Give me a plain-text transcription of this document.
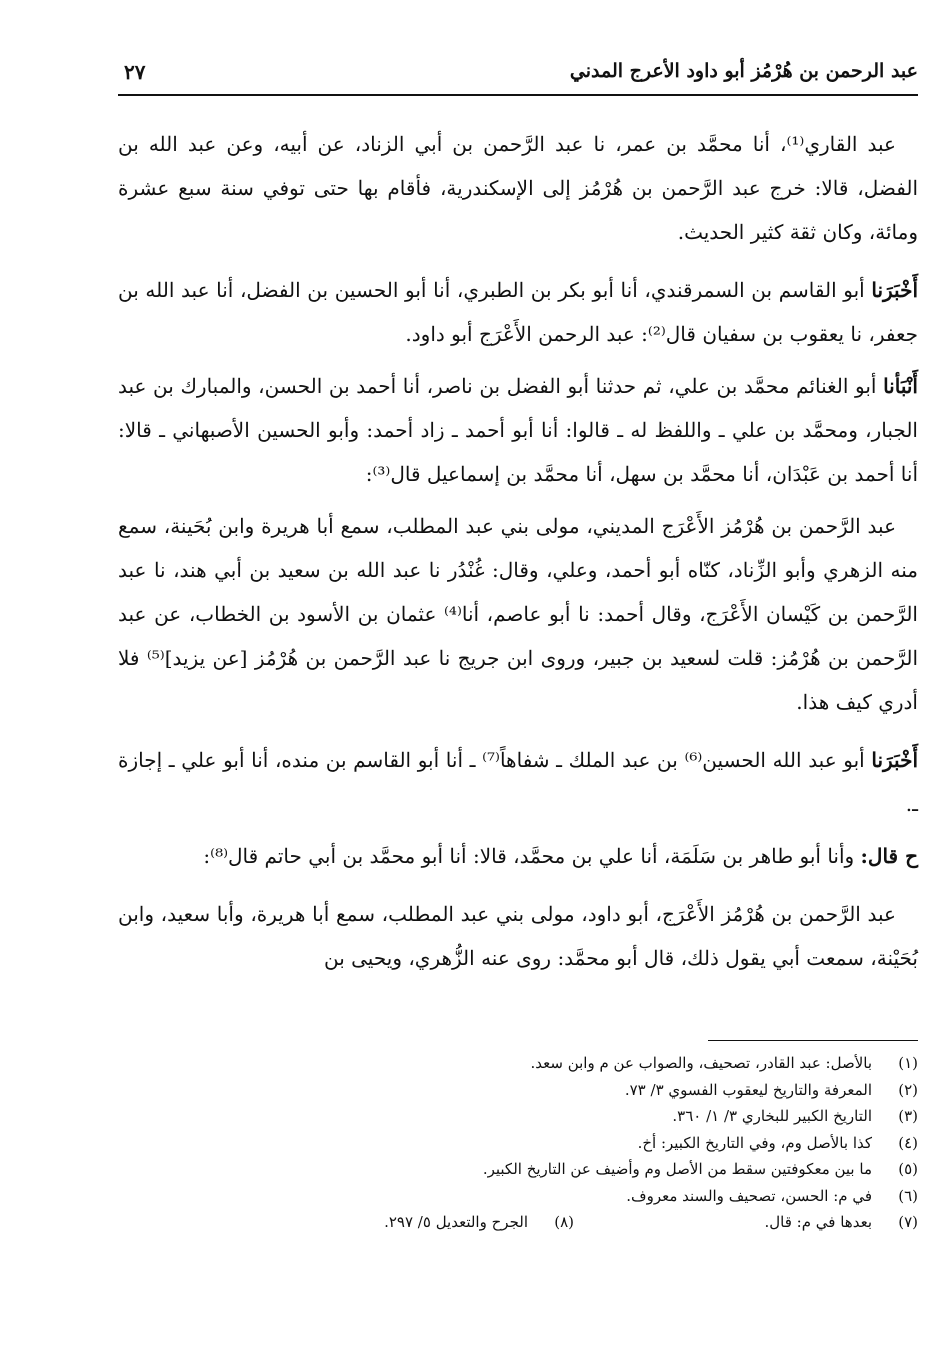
عبد الرحمن بن هُرْمُز أبو داود الأعرج المدني
٢٧

عبد القاري⁽¹⁾، أنا محمَّد بن عمر، نا عبد الرَّحمن بن أبي الزناد، عن أبيه، وعن عبد الله بن الفضل، قالا: خرج عبد الرَّحمن بن هُرْمُز إلى الإسكندرية، فأقام بها حتى توفي سنة سبع عشرة ومائة، وكان ثقة كثير الحديث.

أَخْبَرَنا أبو القاسم بن السمرقندي، أنا أبو بكر بن الطبري، أنا أبو الحسين بن الفضل، أنا عبد الله بن جعفر، نا يعقوب بن سفيان قال⁽²⁾: عبد الرحمن الأَعْرَج أبو داود.

أَنْبَأنا أبو الغنائم محمَّد بن علي، ثم حدثنا أبو الفضل بن ناصر، أنا أحمد بن الحسن، والمبارك بن عبد الجبار، ومحمَّد بن علي ـ واللفظ له ـ قالوا: أنا أبو أحمد ـ زاد أحمد: وأبو الحسين الأصبهاني ـ قالا: أنا أحمد بن عَبْدَان، أنا محمَّد بن سهل، أنا محمَّد بن إسماعيل قال⁽³⁾:

عبد الرَّحمن بن هُرْمُز الأَعْرَج المديني، مولى بني عبد المطلب، سمع أبا هريرة وابن بُحَينة، سمع منه الزهري وأبو الزِّناد، كنّاه أبو أحمد، وعلي، وقال: غُنْدُر نا عبد الله بن سعيد بن أبي هند، نا عبد الرَّحمن بن كَيْسان الأَعْرَج، وقال أحمد: نا أبو عاصم، أنا⁽⁴⁾ عثمان بن الأسود بن الخطاب، عن عبد الرَّحمن بن هُرْمُز: قلت لسعيد بن جبير، وروى ابن جريج نا عبد الرَّحمن بن هُرْمُز [عن يزيد]⁽⁵⁾ فلا أدري كيف هذا.

أَخْبَرَنا أبو عبد الله الحسين⁽⁶⁾ بن عبد الملك ـ شفاهاً⁽⁷⁾ ـ أنا أبو القاسم بن منده، أنا أبو علي ـ إجازة ـ.

ح قال: وأنا أبو طاهر بن سَلَمَة، أنا علي بن محمَّد، قالا: أنا أبو محمَّد بن أبي حاتم قال⁽⁸⁾:

عبد الرَّحمن بن هُرْمُز الأَعْرَج، أبو داود، مولى بني عبد المطلب، سمع أبا هريرة، وأبا سعيد، وابن بُحَيْنة، سمعت أبي يقول ذلك، قال أبو محمَّد: روى عنه الزُّهري، ويحيى بن

(١)بالأصل: عبد القادر، تصحيف، والصواب عن م وابن سعد.
(٢)المعرفة والتاريخ ليعقوب الفسوي ٣/ ٧٣.
(٣)التاريخ الكبير للبخاري ٣/ ١/ ٣٦٠.
(٤)كذا بالأصل وم، وفي التاريخ الكبير: أخ.
(٥)ما بين معكوفتين سقط من الأصل وم وأضيف عن التاريخ الكبير.
(٦)في م: الحسن، تصحيف والسند معروف.
(٧)بعدها في م: قال.
(٨)الجرح والتعديل ٥/ ٢٩٧.
